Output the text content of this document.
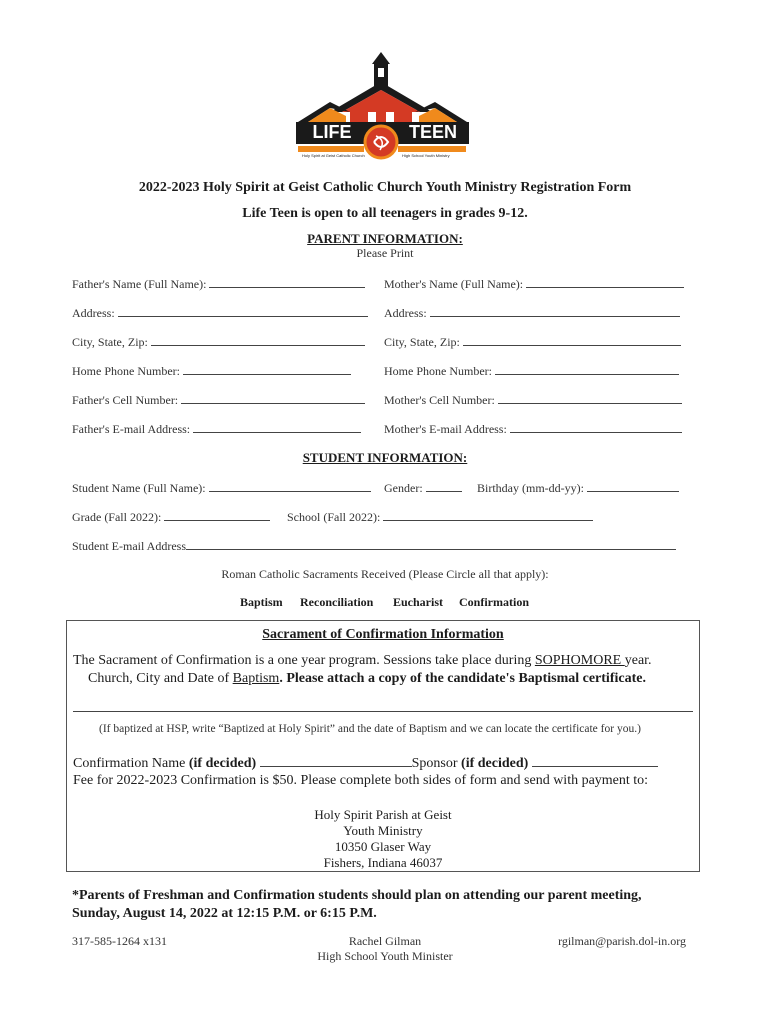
LIFE	TEEN
Holy Spirit at Geist Catholic Church	High School Youth Ministry
2022-2023 Holy Spirit at Geist Catholic Church Youth Ministry Registration Form
Life Teen is open to all teenagers in grades 9-12.
PARENT INFORMATION:
Please Print
Father's Name (Full Name):	Mother's Name (Full Name):
Address:	Address:
City, State, Zip:	City, State, Zip:
Home Phone Number:	Home Phone Number:
Father's Cell Number:	Mother's Cell Number:
Father's E-mail Address:	Mother's E-mail Address:
STUDENT INFORMATION:
Student Name (Full Name):	Gender:	Birthday (mm-dd-yy):
Grade (Fall 2022):	School (Fall 2022):
Student E-mail Address
Roman Catholic Sacraments Received (Please Circle all that apply):
Baptism Reconciliation Eucharist Confirmation
Sacrament of Confirmation Information
The Sacrament of Confirmation is a one year program. Sessions take place during SOPHOMORE year.
Church, City and Date of Baptism. Please attach a copy of the candidate's Baptismal certificate.
(If baptized at HSP, write “Baptized at Holy Spirit” and the date of Baptism and we can locate the certificate for you.)
Confirmation Name (if decided)	Sponsor (if decided)
Fee for 2022-2023 Confirmation is $50. Please complete both sides of form and send with payment to:
Holy Spirit Parish at Geist
Youth Ministry
10350 Glaser Way
Fishers, Indiana 46037
*Parents of Freshman and Confirmation students should plan on attending our parent meeting,
Sunday, August 14, 2022 at 12:15 P.M. or 6:15 P.M.
317-585-1264 x131	Rachel Gilman
High School Youth Minister
rgilman@parish.dol-in.org
